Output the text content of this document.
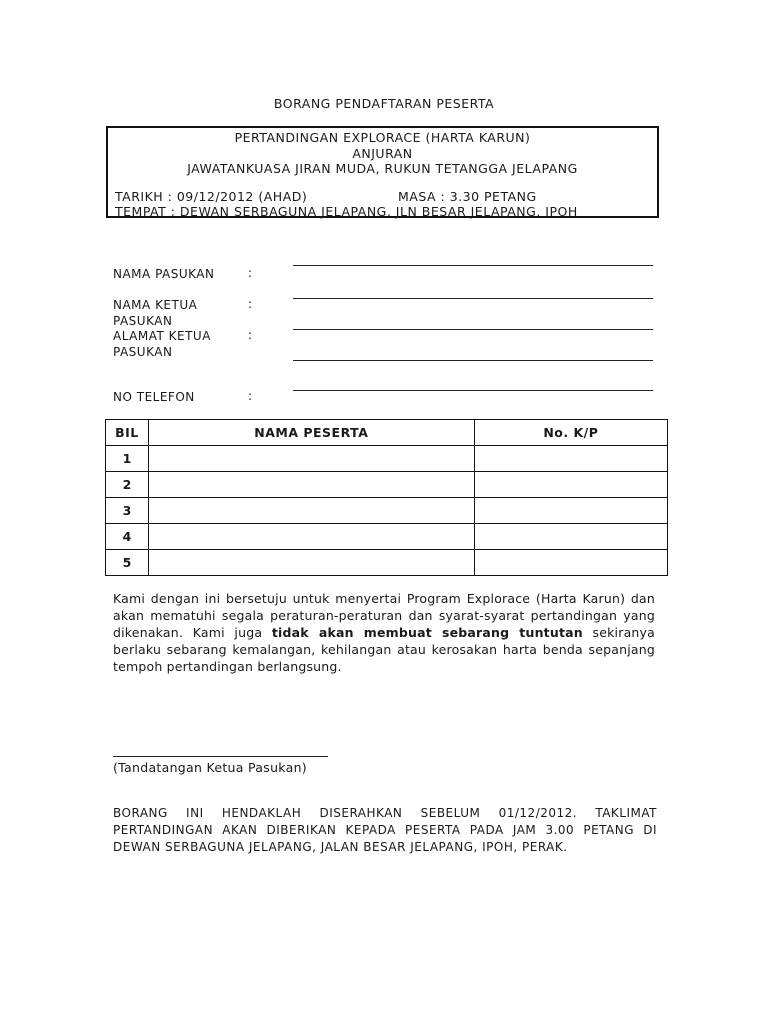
BORANG PENDAFTARAN PESERTA
PERTANDINGAN EXPLORACE (HARTA KARUN)
ANJURAN
JAWATANKUASA JIRAN MUDA, RUKUN TETANGGA JELAPANG
TARIKH : 09/12/2012 (AHAD)	MASA : 3.30 PETANG
TEMPAT : DEWAN SERBAGUNA JELAPANG, JLN BESAR JELAPANG, IPOH
NAMA PASUKAN	:
NAMA KETUA
PASUKAN
:
ALAMAT KETUA
PASUKAN
:
NO TELEFON	:
BIL	NAMA PESERTA	No. K/P
1		
2		
3		
4		
5		
Kami dengan ini bersetuju untuk menyertai Program Explorace (Harta Karun) dan akan mematuhi segala peraturan-peraturan dan syarat-syarat pertandingan yang dikenakan. Kami juga tidak akan membuat sebarang tuntutan sekiranya berlaku sebarang kemalangan, kehilangan atau kerosakan harta benda sepanjang tempoh pertandingan berlangsung.
(Tandatangan Ketua Pasukan)
BORANG INI HENDAKLAH DISERAHKAN SEBELUM 01/12/2012. TAKLIMAT PERTANDINGAN AKAN DIBERIKAN KEPADA PESERTA PADA JAM 3.00 PETANG DI DEWAN SERBAGUNA JELAPANG, JALAN BESAR JELAPANG, IPOH, PERAK.
